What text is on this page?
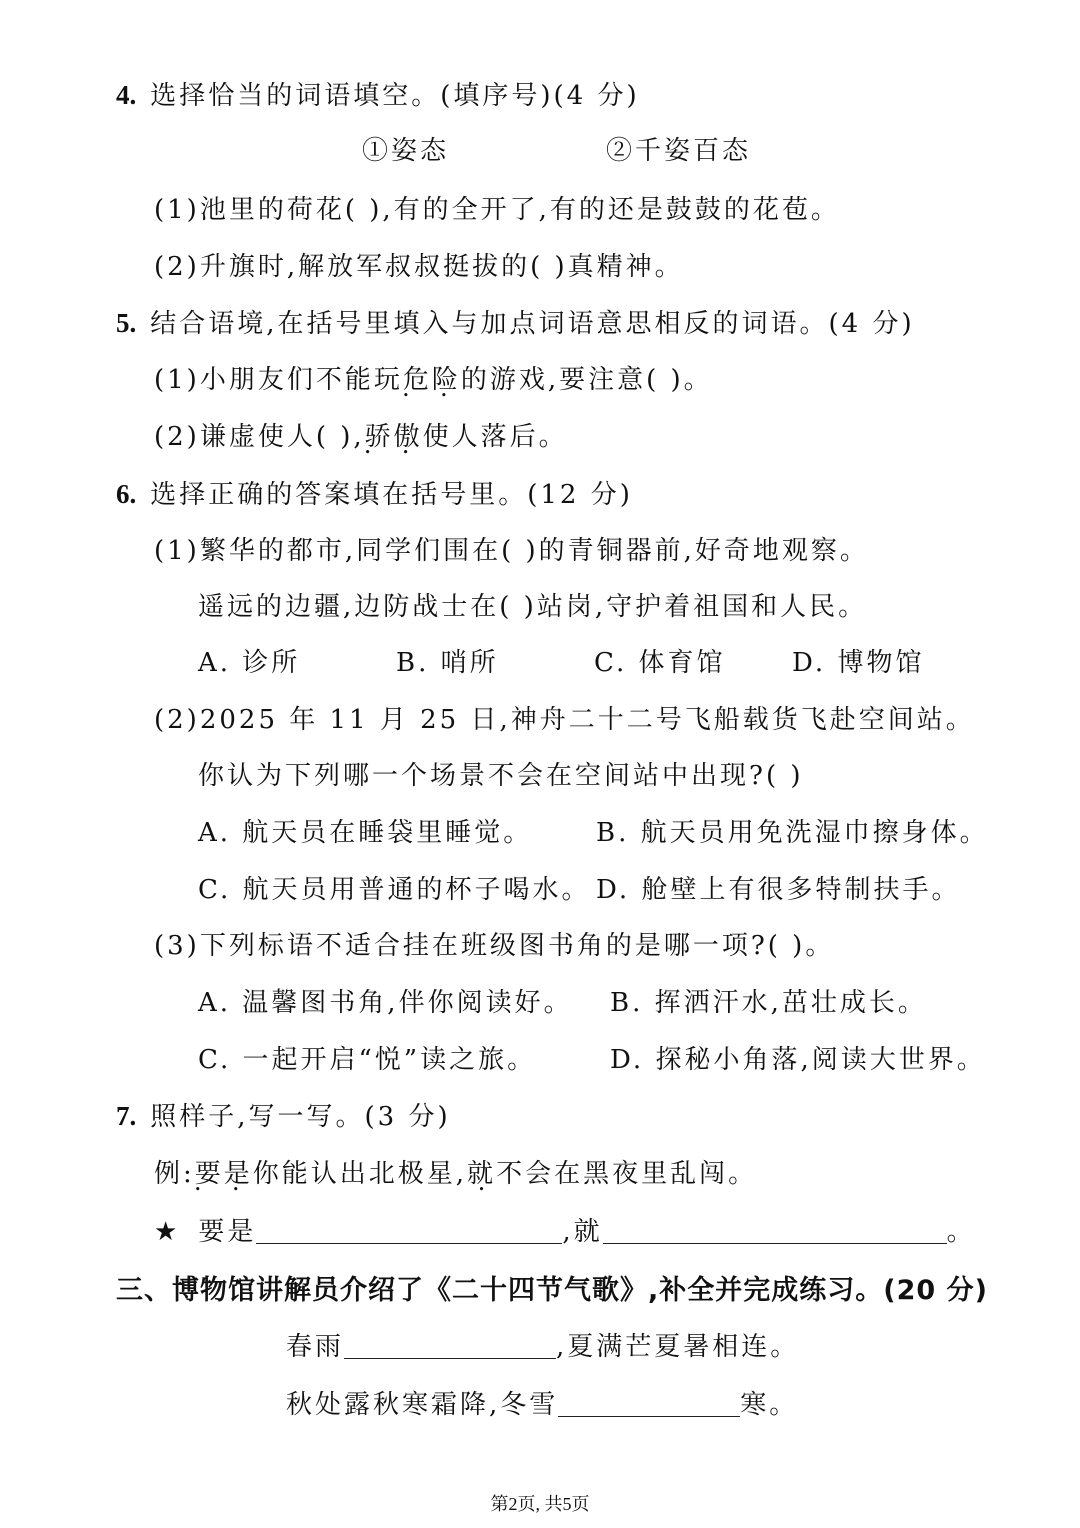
4. 选择恰当的词语填空。(填序号)(4 分)
①姿态	②千姿百态
(1)池里的荷花( ),有的全开了,有的还是鼓鼓的花苞。
(2)升旗时,解放军叔叔挺拔的( )真精神。
5. 结合语境,在括号里填入与加点词语意思相反的词语。(4 分)
(1)小朋友们不能玩危险 • •的游戏,要注意( )。
(2)谦虚使人( ),骄傲 • •使人落后。
6. 选择正确的答案填在括号里。(12 分)
(1)繁华的都市,同学们围在( )的青铜器前,好奇地观察。
遥远的边疆,边防战士在( )站岗,守护着祖国和人民。
A. 诊所	B. 哨所	C. 体育馆	D. 博物馆
(2)2025 年 11 月 25 日,神舟二十二号飞船载货飞赴空间站。
你认为下列哪一个场景不会在空间站中出现?( )
A. 航天员在睡袋里睡觉。 B. 航天员用免洗湿巾擦身体。
C. 航天员用普通的杯子喝水。 D. 舱壁上有很多特制扶手。
(3)下列标语不适合挂在班级图书角的是哪一项?( )。
A. 温馨图书角,伴你阅读好。 B. 挥洒汗水,茁壮成长。
C. 一起开启“悦”读之旅。	D. 探秘小角落,阅读大世界。
7. 照样子,写一写。(3 分)
例:要是 • •你能认出北极星,就不会在黑夜里乱闯。
★ 要是	,就	。
三、博物馆讲解员介绍了《二十四节气歌》,补全并完成练习。(20 分)
春雨	,夏满芒夏暑相连。
秋处露秋寒霜降,冬雪	寒。
第2页, 共5页
